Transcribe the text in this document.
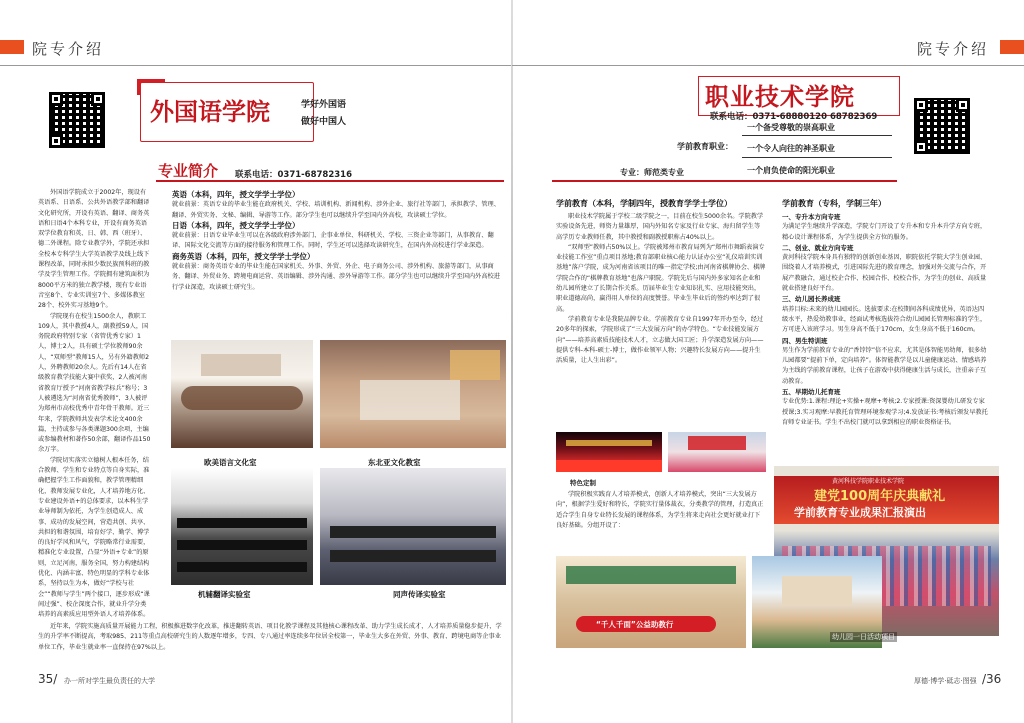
院专介绍
外国语学院	学好外国语
做好中国人
专业简介 联系电话：0371-68782316

外国语学院成立于2002年，现设有英语系、日语系、公共外语教学部和翻译文化研究所，开设有英语、翻译、商务英语和日语4个本科专业，开设有商务英语双学位教育和英、日、韩、西（班牙）、德二外课程。除专业教学外，学院还承担全校本专科学生大学英语教学及线上线下课程改革，同时承担少数民族预科班的教学及学生管理工作。学院拥有建筑面积为8000平方米的独立教学楼，现有专业语音室8个、专业实训室7个、多媒体教室28个、校外实习基地9个。

学院现有在校生1500余人，教职工109人，其中教授4人，副教授59人，国务院政府特别专家（省管优秀专家）1人，博士2人，具有硕士学位教师90余人，“双师型”教师15人，另有外籍教师2人，外聘教师20余人。先后有14人在省级教育教学技能大赛中获奖，2人被河南省教育厅授予“河南省教学标兵”称号；3人被遴选为“河南省优秀教师”，3人被评为郑州市高校优秀中青年骨干教师。近三年来，学院教师共发表学术论文400余篇，主持或参与各类课题300余项，主编或参编教材和著作50余部，翻译作品150余万字。

学院切实落实立德树人根本任务，结合教师、学生和专业特点等自身实际，准确把握学生工作面貌和，教学管理精细化，教师发展专业化，人才培养地方化、专业建设外语+的总体要求，以本科生学业导师制为依托，为学生创造成人、成事、成功的发展空间，营造共创、共享、共担的和谐氛围，培育好学、勤学、博学的良好学风和风气，学院略常行业需要，精准化专业设置，凸显“外语+专业”的原则，立足河南，服务全国，努力构建结构优化、内涵丰富、特色明显的学科专业体系，坚持以生为本，做好“学校与社会”“教师与学生”两个接口，逐步形成“课间过强”、校企深度合作，就业升学分类培养的高素质应用型外语人才培养体系。

英语（本科，四年，授文学学士学位）
就业前景：英语专业的毕业生能在政府机关、学校、培训机构、新闻机构、涉外企业、旅行社等部门，承担教学、管理、翻译、外贸实务、文秘、编辑、导游等工作。部分学生也可以继续升学至国内外高校，攻读硕士学位。
日语（本科，四年，授文学学士学位）
就业前景：日语专业毕业生可以在各级政府涉外部门、企事业单位、科研机关、学校、三资企业等部门，从事教育、翻译、国际文化交流等方面的接待服务和管理工作。同时，学生还可以选择攻读研究生，在国内外高校进行学业深造。
商务英语（本科，四年，授文学学士学位）
就业前景：商务英语专业的毕业生能在国家机关、外事、外贸、外企、电子商务公司、涉外机构、旅游等部门，从事商务、翻译、外贸业务、跨境电商运营、英语编辑、涉外沟通、涉外导游等工作。部分学生也可以继续升学至国内外高校进行学业深造，攻读硕士研究生。
欧美语言文化室	东北亚文化教室
机辅翻译实验室	同声传译实验室

近年来，学院实施高质量开展能力工程，积极推进数字化改革，推进翻转英语、项目化教学课程及其他核心课程改革、助力学生成长成才，人才培养质量稳步提升，学生的升学率不断提高，考取985、211等重点高校研究生的人数逐年增多，专四、专八通过率连续多年位居全校第一，毕业生大多在外贸、外事、教育、跨境电商等企事业单位工作，毕业生就业率一直保持在97%以上。

35/ 办一所对学生最负责任的大学
院专介绍
职业技术学院
联系电话：0371-68880120 68782369
学前教育职业：
一个备受尊敬的崇高职业
一个令人向往的神圣职业
一个肩负使命的阳光职业
专业：师范类专业
学前教育（本科，学制四年，授教育学学士学位）

职业技术学院属于学校二级学院之一，目前在校生5000余名。学院教学实验设备先进，师资力量雄厚，国内外知名专家及行业专家、海归留学生等高学历专业教师任教，其中教授和副教授职称占40%以上。

“双师型”教师占50%以上。学院被郑州市教育局列为“郑州市舞蹈表演专业技能工作室”重点项目基地;教育部职业核心能力认证办公室“礼仪培训实训基地”落户学院，成为河南省该项目的唯一指定学校;由河南省棋牌协会、棋牌学院合作的“棋牌教育基地”也落户职院。学院先后与国内外多家知名企业和幼儿园所建立了长期合作关系。历届毕业生专业知识扎实、应用技能突出，职业道德高尚，赢得用人单位的高度赞誉。毕业生毕业后的签约率达到了很高。

学前教育专业是我院品牌专业。学前教育专业自1997年开办至今，经过20多年的探索，学院形成了“三大发展方向”的办学特色。“专业技能发展方向”——培养高素质技能技术人才，立志做大国工匠；升学深造发展方向——提供专科-本科-硕士-博士，做作业领军人物；兴趣特长发展方向——提升生活质量，让人生出彩”。

特色定制

学院积极实践育人才培养模式，创新人才培养模式，突出“三大发展方向”，根据学生爱好和特长，学院实行量体裁衣，分类教学的管理，打造真正适合学生自身专业特长发展的课程体系，为学生将来走向社会更好就业打下良好基础。分组开设了：

学前教育（专科，学制三年）
一、专升本方向专班
为满足学生继续升学深造，学院专门开设了专升本和专升本升学方向专班，精心设计课程体系，为学生提供全方位的服务。
二、创业、就业方向专班
黄河科技学院本身具有独特的创新创业基因，职院依托学院大学生创业园、围绕着人才培养模式，引进国际先进的教育理念，加强对外交流与合作，开展产教融合，通过校企合作、校园合作、校校合作，为学生的创业、高质量就业搭建良好平台。
三、幼儿园长养成班
培养目标:未来的幼儿园园长。选拔要求:在校期间各科成绩优异，英语达四级水平，热爱幼教事业，经面试考核选拔符合幼儿园园长管理标准的学生，方可进入该班学习。男生身高不低于170cm，女生身高不低于160cm。
四、男生特训班
男生作为学前教育专业的“香饽饽”倍不应求，尤其是体智能男幼师，很多幼儿园都要“提前下单，定向培养”。体智能教学是以儿童健康运动、情感培养为主线的学前教育课程，让孩子在游戏中获得健康生活与成长，注重亲子互动教育。
五、早期幼儿托育班
专业优势:1.课程:理论+实操+观摩+考核;2.专家授课:资深婴幼儿研发专家授课;3.实习观摩:早教托育管理环境参观学习;4.发放证书:考核后颁发早教托育师专业证书。学生不出校门就可以拿到相应的职业资格证书。
黄河科技学院职业技术学院
建党100周年庆典献礼
学前教育专业成果汇报演出
“千人千面”公益助教行
幼儿园一日活动项目
厚德·博学·砥志·图强 /36
